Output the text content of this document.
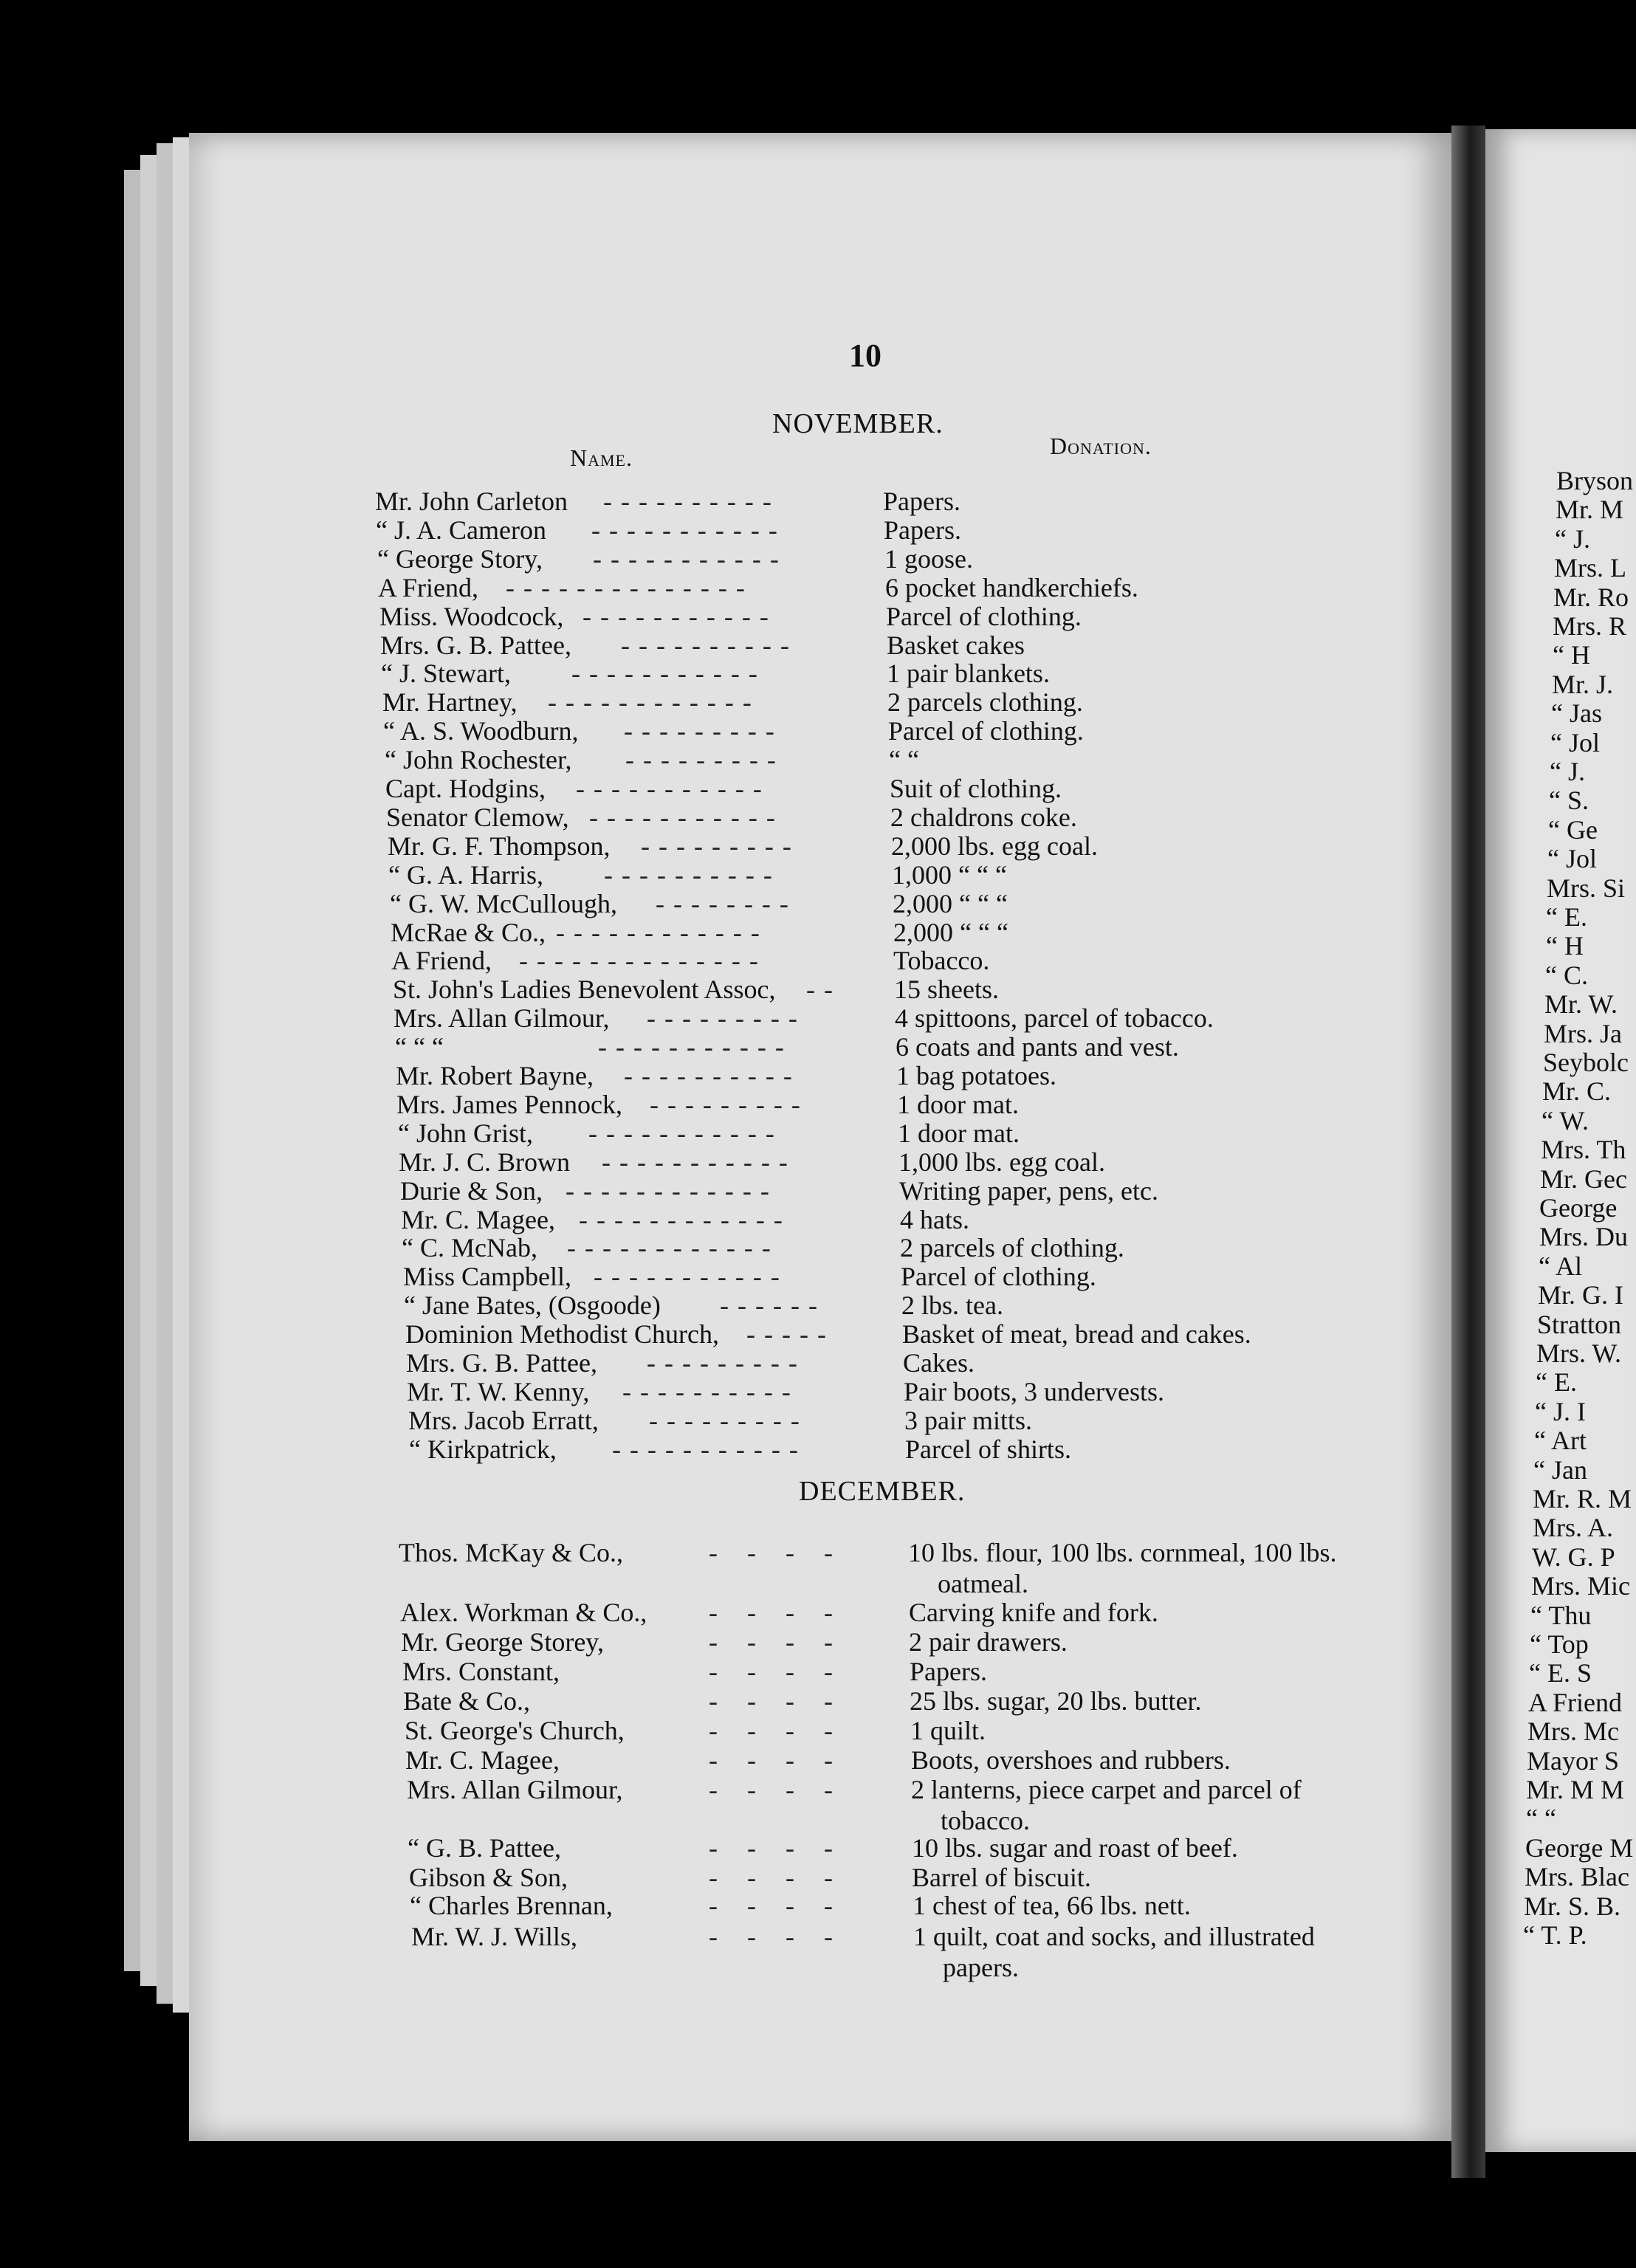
10
NOVEMBER.
Name.	Donation.
Mr. John Carleton ----------	Papers.
“ J. A. Cameron -----------	Papers.
“ George Story, -----------	1 goose.
A Friend, --------------	6 pocket handkerchiefs.
Miss. Woodcock, -----------	Parcel of clothing.
Mrs. G. B. Pattee, ----------	Basket cakes
“ J. Stewart, -----------	1 pair blankets.
Mr. Hartney, ------------	2 parcels clothing.
“ A. S. Woodburn, ---------	Parcel of clothing.
“ John Rochester, ---------	“ “
Capt. Hodgins, -----------	Suit of clothing.
Senator Clemow, -----------	2 chaldrons coke.
Mr. G. F. Thompson, ---------	2,000 lbs. egg coal.
“ G. A. Harris, ----------	1,000 “ “ “
“ G. W. McCullough, --------	2,000 “ “ “
McRae & Co., ------------	2,000 “ “ “
A Friend, --------------	Tobacco.
St. John's Ladies Benevolent Assoc, -- 15 sheets.
Mrs. Allan Gilmour, ---------	4 spittoons, parcel of tobacco.
“ “ “	-----------	6 coats and pants and vest.
Mr. Robert Bayne, ----------	1 bag potatoes.
Mrs. James Pennock, ---------	1 door mat.
“ John Grist, -----------	1 door mat.
Mr. J. C. Brown -----------	1,000 lbs. egg coal.
Durie & Son, ------------	Writing paper, pens, etc.
Mr. C. Magee, ------------	4 hats.
“ C. McNab, ------------	2 parcels of clothing.
Miss Campbell, -----------	Parcel of clothing.
“ Jane Bates, (Osgoode) ------	2 lbs. tea.
Dominion Methodist Church, -----	Basket of meat, bread and cakes.
Mrs. G. B. Pattee, ---------	Cakes.
Mr. T. W. Kenny, ----------	Pair boots, 3 undervests.
Mrs. Jacob Erratt, ---------	3 pair mitts.
“ Kirkpatrick, -----------	Parcel of shirts.
DECEMBER.
Thos. McKay & Co.,	---- 10 lbs. flour, 100 lbs. cornmeal, 100 lbs.
oatmeal.
Alex. Workman & Co., ---- Carving knife and fork.
Mr. George Storey,	---- 2 pair drawers.
Mrs. Constant,	---- Papers.
Bate & Co.,	---- 25 lbs. sugar, 20 lbs. butter.
St. George's Church,	---- 1 quilt.
Mr. C. Magee,	---- Boots, overshoes and rubbers.
Mrs. Allan Gilmour,	---- 2 lanterns, piece carpet and parcel of
tobacco.
“ G. B. Pattee,	---- 10 lbs. sugar and roast of beef.
Gibson & Son,	---- Barrel of biscuit.
“ Charles Brennan,	---- 1 chest of tea, 66 lbs. nett.
Mr. W. J. Wills,	---- 1 quilt, coat and socks, and illustrated
papers.
Bryson
Mr. M
“ J.
Mrs. L
Mr. Ro
Mrs. R
“ H
Mr. J.
“ Jas
“ Jol
“ J.
“ S.
“ Ge
“ Jol
Mrs. Si
“ E.
“ H
“ C.
Mr. W.
Mrs. Ja
Seybolc
Mr. C.
“ W.
Mrs. Th
Mr. Gec
George
Mrs. Du
“ Al
Mr. G. I
Stratton
Mrs. W.
“ E.
“ J. I
“ Art
“ Jan
Mr. R. M
Mrs. A.
W. G. P
Mrs. Mic
“ Thu
“ Top
“ E. S
A Friend
Mrs. Mc
Mayor S
Mr. M M
“ “
George M
Mrs. Blac
Mr. S. B.
“ T. P.
